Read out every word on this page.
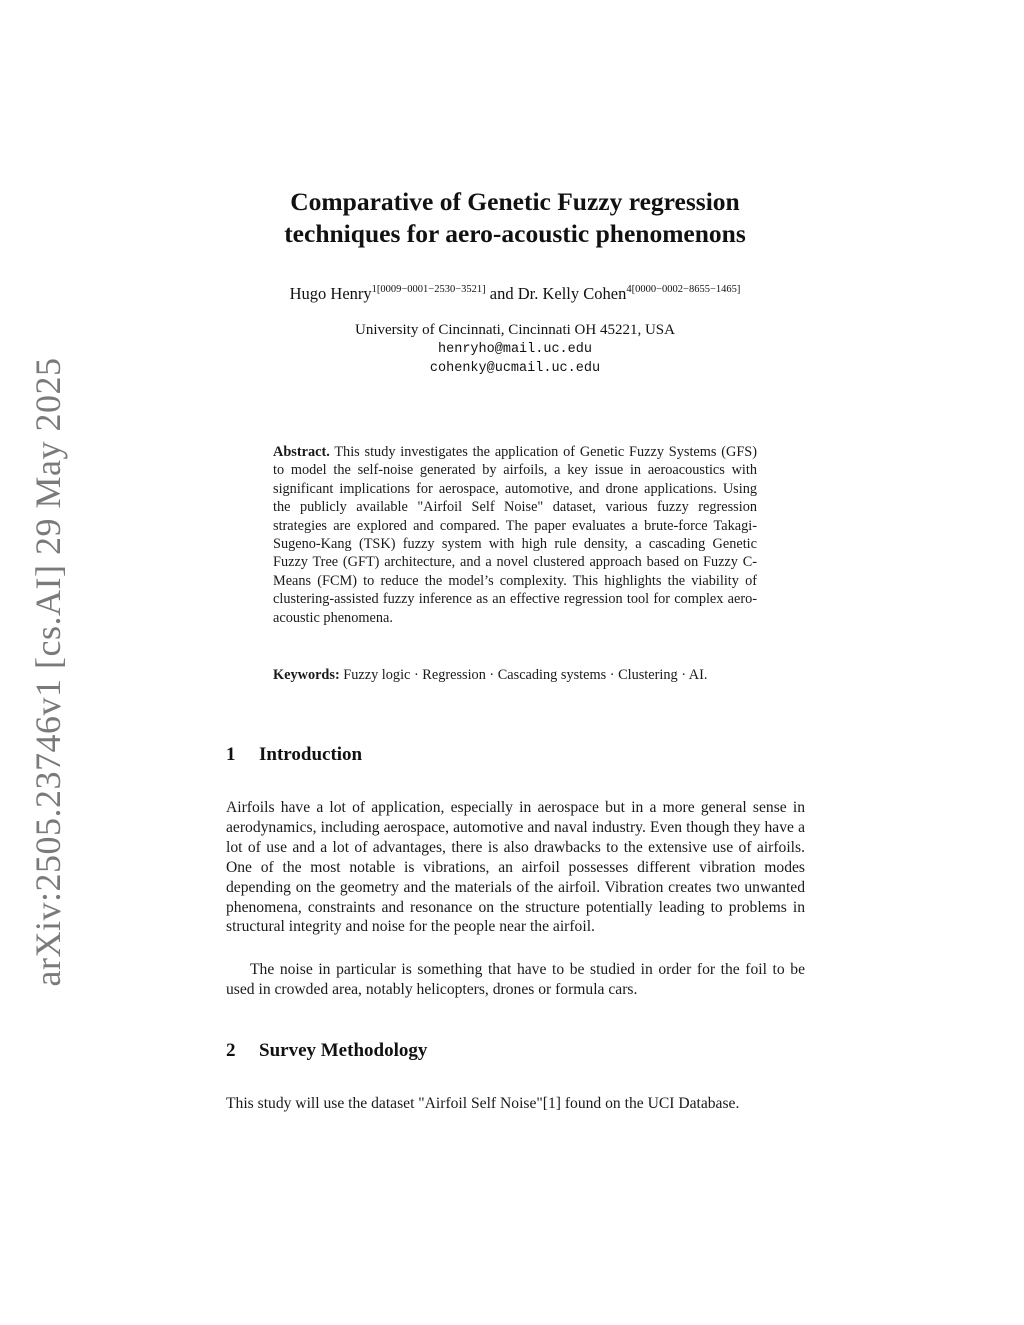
arXiv:2505.23746v1 [cs.AI] 29 May 2025
Comparative of Genetic Fuzzy regression
techniques for aero-acoustic phenomenons
Hugo Henry$^{1[0009-0001-2530-3521]}$ and Dr. Kelly Cohen$^{4[0000-0002-8655-1465]}$
University of Cincinnati, Cincinnati OH 45221, USA
henryho@mail.uc.edu
cohenky@ucmail.uc.edu
Abstract. This study investigates the application of Genetic Fuzzy Systems (GFS) to model the self-noise generated by airfoils, a key issue in aeroacoustics with significant implications for aerospace, automotive, and drone applications. Using the publicly available "Airfoil Self Noise" dataset, various fuzzy regression strategies are explored and compared. The paper evaluates a brute-force Takagi-Sugeno-Kang (TSK) fuzzy system with high rule density, a cascading Genetic Fuzzy Tree (GFT) architecture, and a novel clustered approach based on Fuzzy C-Means (FCM) to reduce the model’s complexity. This highlights the viability of clustering-assisted fuzzy inference as an effective regression tool for complex aero-acoustic phenomena.
Keywords: Fuzzy logic · Regression · Cascading systems · Clustering · AI.
1 Introduction
Airfoils have a lot of application, especially in aerospace but in a more general sense in aerodynamics, including aerospace, automotive and naval industry. Even though they have a lot of use and a lot of advantages, there is also drawbacks to the extensive use of airfoils. One of the most notable is vibrations, an airfoil possesses different vibration modes depending on the geometry and the materials of the airfoil. Vibration creates two unwanted phenomena, constraints and resonance on the structure potentially leading to problems in structural integrity and noise for the people near the airfoil.
The noise in particular is something that have to be studied in order for the foil to be used in crowded area, notably helicopters, drones or formula cars.
2 Survey Methodology
This study will use the dataset "Airfoil Self Noise"[1] found on the UCI Database.
